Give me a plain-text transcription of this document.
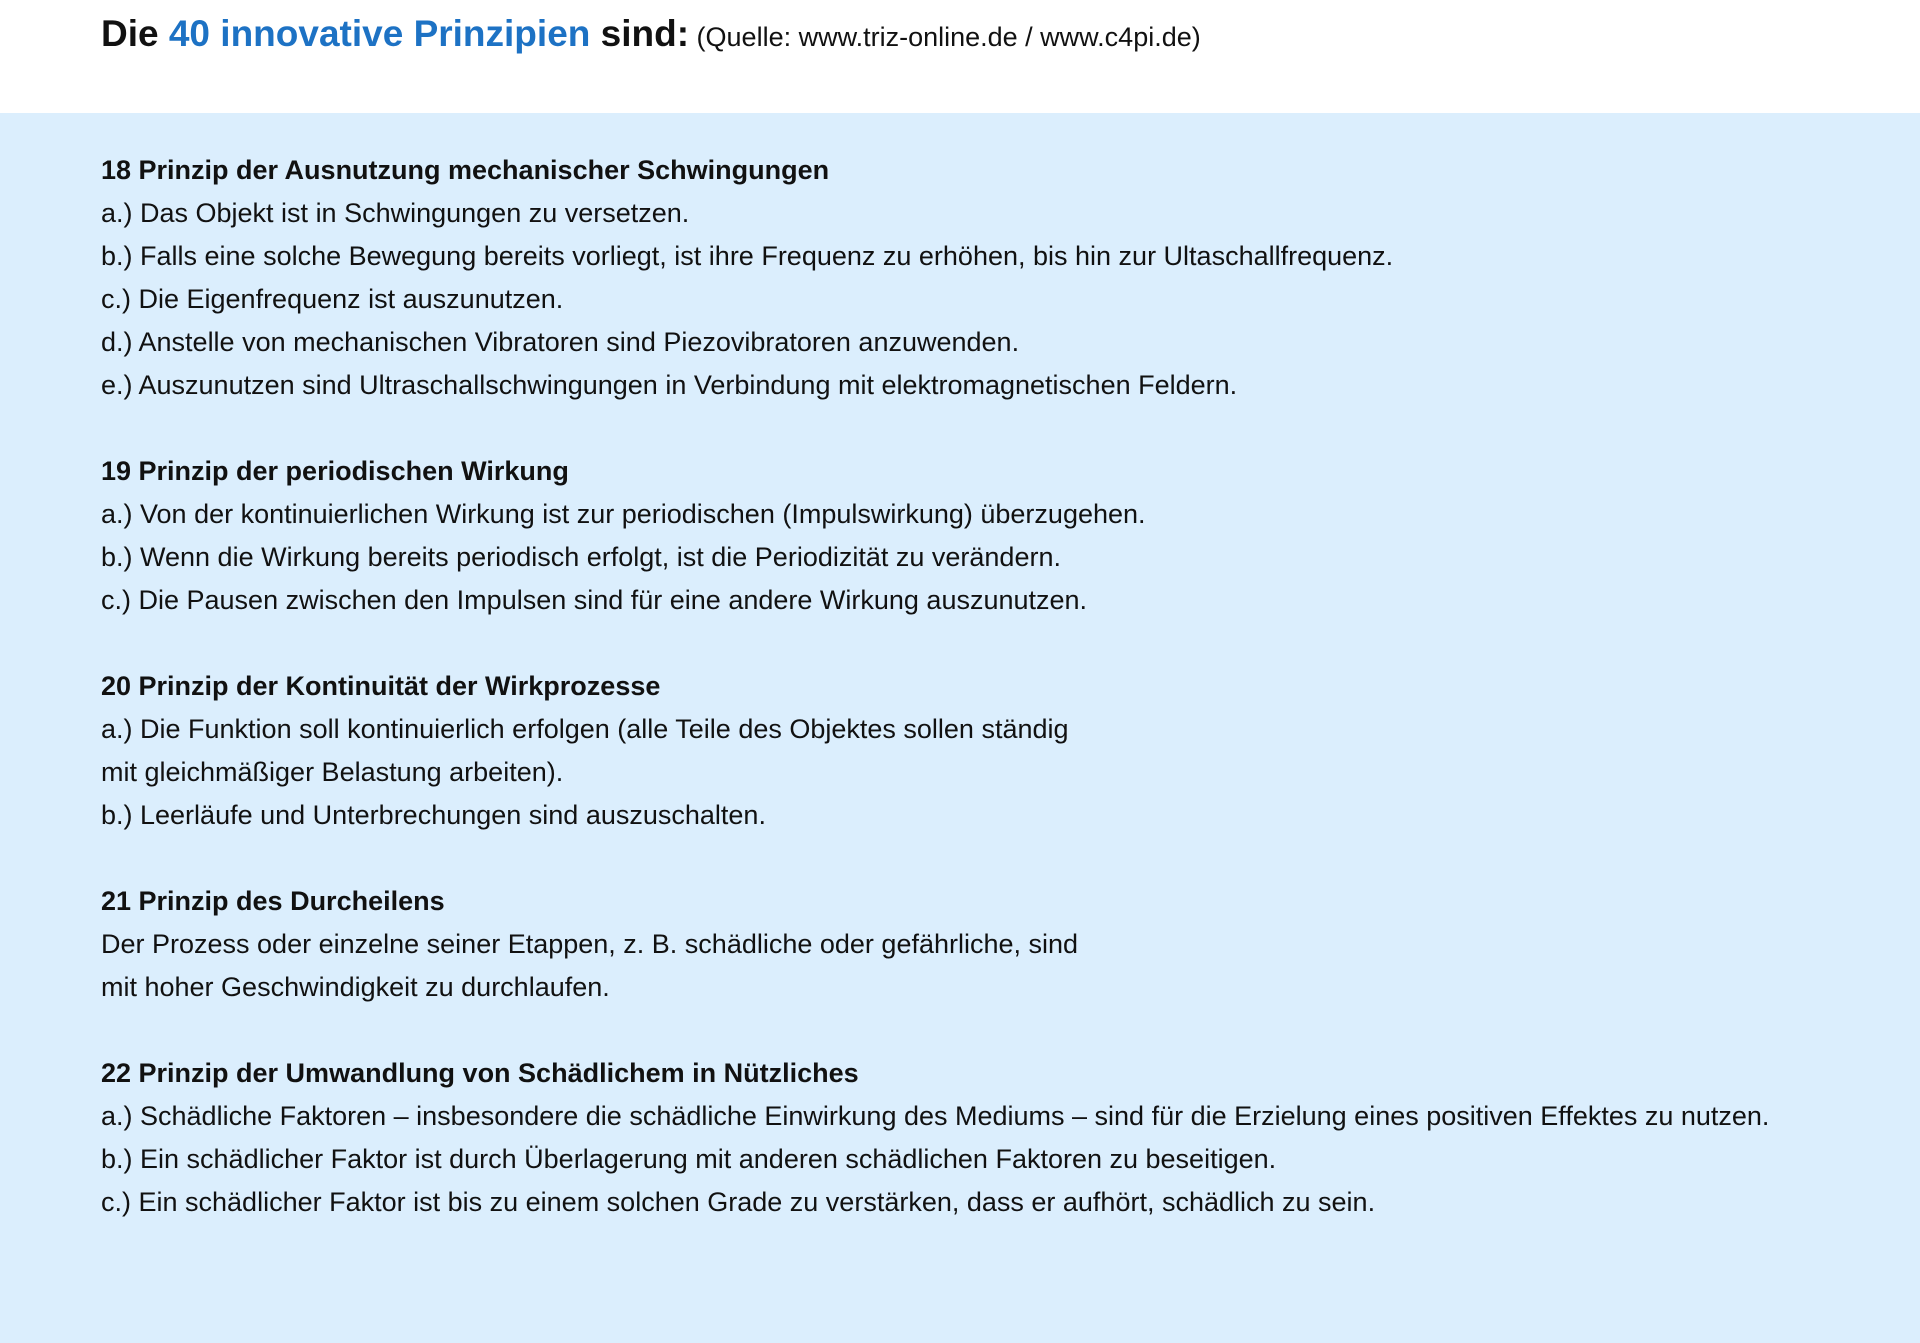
Die 40 innovative Prinzipien sind: (Quelle: www.triz-online.de / www.c4pi.de)

18 Prinzip der Ausnutzung mechanischer Schwingungen

a.) Das Objekt ist in Schwingungen zu versetzen.

b.) Falls eine solche Bewegung bereits vorliegt, ist ihre Frequenz zu erhöhen, bis hin zur Ultaschallfrequenz.

c.) Die Eigenfrequenz ist auszunutzen.

d.) Anstelle von mechanischen Vibratoren sind Piezovibratoren anzuwenden.

e.) Auszunutzen sind Ultraschallschwingungen in Verbindung mit elektromagnetischen Feldern.

19 Prinzip der periodischen Wirkung

a.) Von der kontinuierlichen Wirkung ist zur periodischen (Impulswirkung) überzugehen.

b.) Wenn die Wirkung bereits periodisch erfolgt, ist die Periodizität zu verändern.

c.) Die Pausen zwischen den Impulsen sind für eine andere Wirkung auszunutzen.

20 Prinzip der Kontinuität der Wirkprozesse

a.) Die Funktion soll kontinuierlich erfolgen (alle Teile des Objektes sollen ständig

mit gleichmäßiger Belastung arbeiten).

b.) Leerläufe und Unterbrechungen sind auszuschalten.

21 Prinzip des Durcheilens

Der Prozess oder einzelne seiner Etappen, z. B. schädliche oder gefährliche, sind

mit hoher Geschwindigkeit zu durchlaufen.

22 Prinzip der Umwandlung von Schädlichem in Nützliches

a.) Schädliche Faktoren – insbesondere die schädliche Einwirkung des Mediums – sind für die Erzielung eines positiven Effektes zu nutzen.

b.) Ein schädlicher Faktor ist durch Überlagerung mit anderen schädlichen Faktoren zu beseitigen.

c.) Ein schädlicher Faktor ist bis zu einem solchen Grade zu verstärken, dass er aufhört, schädlich zu sein.
